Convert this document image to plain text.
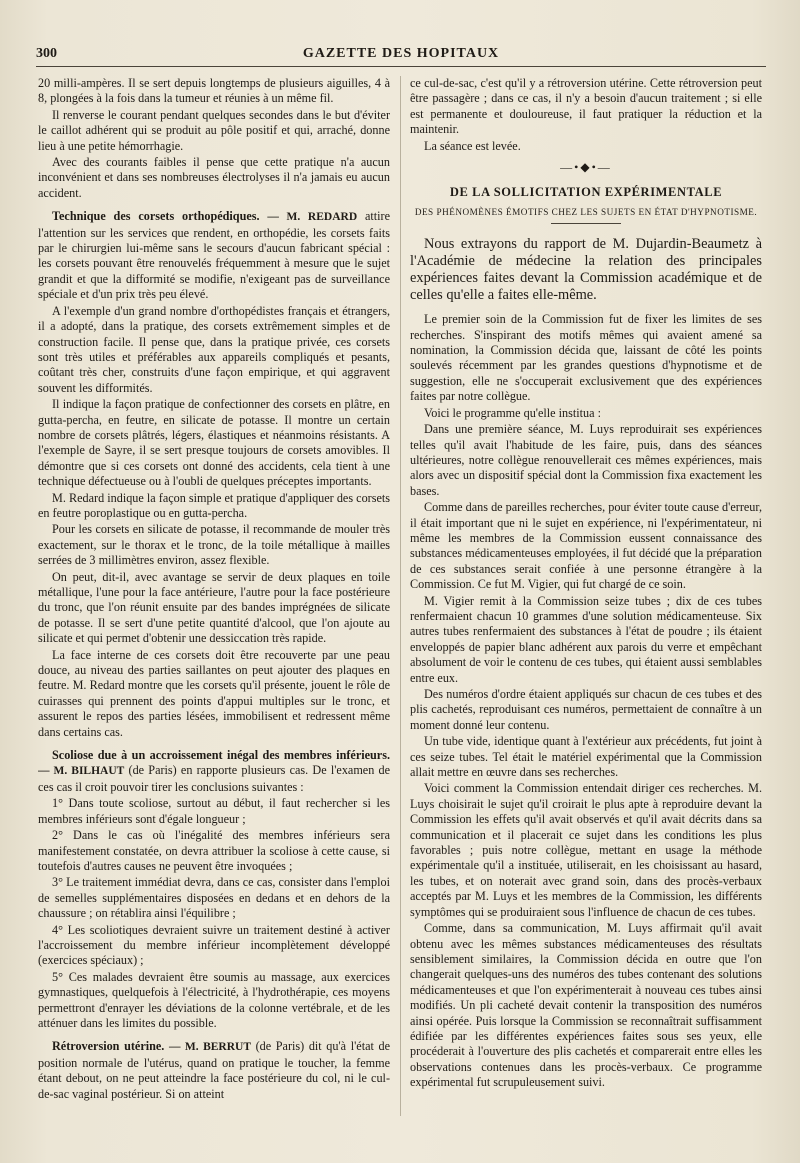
300	GAZETTE DES HOPITAUX

20 milli-ampères. Il se sert depuis longtemps de plusieurs aiguilles, 4 à 8, plongées à la fois dans la tumeur et réunies à un même fil.

Il renverse le courant pendant quelques secondes dans le but d'éviter le caillot adhérent qui se produit au pôle positif et qui, arraché, donne lieu à une petite hémorrhagie.

Avec des courants faibles il pense que cette pratique n'a aucun inconvénient et dans ses nombreuses électrolyses il n'a jamais eu aucun accident.

Technique des corsets orthopédiques. — M. REDARD attire l'attention sur les services que rendent, en orthopédie, les corsets faits par le chirurgien lui-même sans le secours d'aucun fabricant spécial : les corsets pouvant être renouvelés fréquemment à mesure que le sujet grandit et que la difformité se modifie, n'exigeant pas de surveillance spéciale et d'un prix très peu élevé.

A l'exemple d'un grand nombre d'orthopédistes français et étrangers, il a adopté, dans la pratique, des corsets extrêmement simples et de construction facile. Il pense que, dans la pratique privée, ces corsets sont très utiles et préférables aux appareils compliqués et pesants, coûtant très cher, construits d'une façon empirique, et qui aggravent souvent les difformités.

Il indique la façon pratique de confectionner des corsets en plâtre, en gutta-percha, en feutre, en silicate de potasse. Il montre un certain nombre de corsets plâtrés, légers, élastiques et néanmoins résistants. A l'exemple de Sayre, il se sert presque toujours de corsets amovibles. Il démontre que si ces corsets ont donné des accidents, cela tient à une technique défectueuse ou à l'oubli de quelques préceptes importants.

M. Redard indique la façon simple et pratique d'appliquer des corsets en feutre poroplastique ou en gutta-percha.

Pour les corsets en silicate de potasse, il recommande de mouler très exactement, sur le thorax et le tronc, de la toile métallique à mailles serrées de 3 millimètres environ, assez flexible.

On peut, dit-il, avec avantage se servir de deux plaques en toile métallique, l'une pour la face antérieure, l'autre pour la face postérieure du tronc, que l'on réunit ensuite par des bandes imprégnées de silicate de potasse. Il se sert d'une petite quantité d'alcool, que l'on ajoute au silicate et qui permet d'obtenir une dessiccation très rapide.

La face interne de ces corsets doit être recouverte par une peau douce, au niveau des parties saillantes on peut ajouter des plaques en feutre. M. Redard montre que les corsets qu'il présente, jouent le rôle de cuirasses qui prennent des points d'appui multiples sur le tronc, et assurent le repos des parties lésées, immobilisent et redressent même dans certains cas.

Scoliose due à un accroissement inégal des membres inférieurs. — M. BILHAUT (de Paris) en rapporte plusieurs cas. De l'examen de ces cas il croit pouvoir tirer les conclusions suivantes :

1° Dans toute scoliose, surtout au début, il faut rechercher si les membres inférieurs sont d'égale longueur ;

2° Dans le cas où l'inégalité des membres inférieurs sera manifestement constatée, on devra attribuer la scoliose à cette cause, si toutefois d'autres causes ne peuvent être invoquées ;

3° Le traitement immédiat devra, dans ce cas, consister dans l'emploi de semelles supplémentaires disposées en dedans et en dehors de la chaussure ; on rétablira ainsi l'équilibre ;

4° Les scoliotiques devraient suivre un traitement destiné à activer l'accroissement du membre inférieur incomplètement développé (exercices spéciaux) ;

5° Ces malades devraient être soumis au massage, aux exercices gymnastiques, quelquefois à l'électricité, à l'hydrothérapie, ces moyens permettront d'enrayer les déviations de la colonne vertébrale, et de les atténuer dans les limites du possible.

Rétroversion utérine. — M. BERRUT (de Paris) dit qu'à l'état de position normale de l'utérus, quand on pratique le toucher, la femme étant debout, on ne peut atteindre la face postérieure du col, ni le cul-de-sac vaginal postérieur. Si on atteint

ce cul-de-sac, c'est qu'il y a rétroversion utérine. Cette rétroversion peut être passagère ; dans ce cas, il n'y a besoin d'aucun traitement ; si elle est permanente et douloureuse, il faut pratiquer la réduction et la maintenir.

La séance est levée.

—•◆•—
DE LA SOLLICITATION EXPÉRIMENTALE
DES PHÉNOMÈNES ÉMOTIFS CHEZ LES SUJETS EN ÉTAT D'HYPNOTISME.

Nous extrayons du rapport de M. Dujardin-Beaumetz à l'Académie de médecine la relation des principales expériences faites devant la Commission académique et de celles qu'elle a faites elle-même.

Le premier soin de la Commission fut de fixer les limites de ses recherches. S'inspirant des motifs mêmes qui avaient amené sa nomination, la Commission décida que, laissant de côté les points soulevés récemment par les grandes questions d'hypnotisme et de suggestion, elle ne s'occuperait exclusivement que des expériences faites par notre collègue.

Voici le programme qu'elle institua :

Dans une première séance, M. Luys reproduirait ses expériences telles qu'il avait l'habitude de les faire, puis, dans des séances ultérieures, notre collègue renouvellerait ces mêmes expériences, mais alors avec un dispositif spécial dont la Commission fixa exactement les bases.

Comme dans de pareilles recherches, pour éviter toute cause d'erreur, il était important que ni le sujet en expérience, ni l'expérimentateur, ni même les membres de la Commission eussent connaissance des substances médicamenteuses employées, il fut décidé que la préparation de ces substances serait confiée à une personne étrangère à la Commission. Ce fut M. Vigier, qui fut chargé de ce soin.

M. Vigier remit à la Commission seize tubes ; dix de ces tubes renfermaient chacun 10 grammes d'une solution médicamenteuse. Six autres tubes renfermaient des substances à l'état de poudre ; ils étaient enveloppés de papier blanc adhérent aux parois du verre et empêchant absolument de voir le contenu de ces tubes, qui étaient aussi semblables entre eux.

Des numéros d'ordre étaient appliqués sur chacun de ces tubes et des plis cachetés, reproduisant ces numéros, permettaient de connaître à un moment donné leur contenu.

Un tube vide, identique quant à l'extérieur aux précédents, fut joint à ces seize tubes. Tel était le matériel expérimental que la Commission allait mettre en œuvre dans ses recherches.

Voici comment la Commission entendait diriger ces recherches. M. Luys choisirait le sujet qu'il croirait le plus apte à reproduire devant la Commission les effets qu'il avait observés et qu'il avait décrits dans sa communication et il placerait ce sujet dans les conditions les plus favorables ; puis notre collègue, mettant en usage la méthode expérimentale qu'il a instituée, utiliserait, en les choisissant au hasard, les tubes, et on noterait avec grand soin, dans des procès-verbaux acceptés par M. Luys et les membres de la Commission, les différents symptômes qui se produiraient sous l'influence de chacun de ces tubes.

Comme, dans sa communication, M. Luys affirmait qu'il avait obtenu avec les mêmes substances médicamenteuses des résultats sensiblement similaires, la Commission décida en outre que l'on changerait quelques-uns des numéros des tubes contenant des solutions médicamenteuses et que l'on expérimenterait à nouveau ces tubes ainsi modifiés. Un pli cacheté devait contenir la transposition des numéros ainsi opérée. Puis lorsque la Commission se reconnaîtrait suffisamment édifiée par les différentes expériences faites sous ses yeux, elle procéderait à l'ouverture des plis cachetés et comparerait entre elles les observations contenues dans les procès-verbaux. Ce programme expérimental fut scrupuleusement suivi.
